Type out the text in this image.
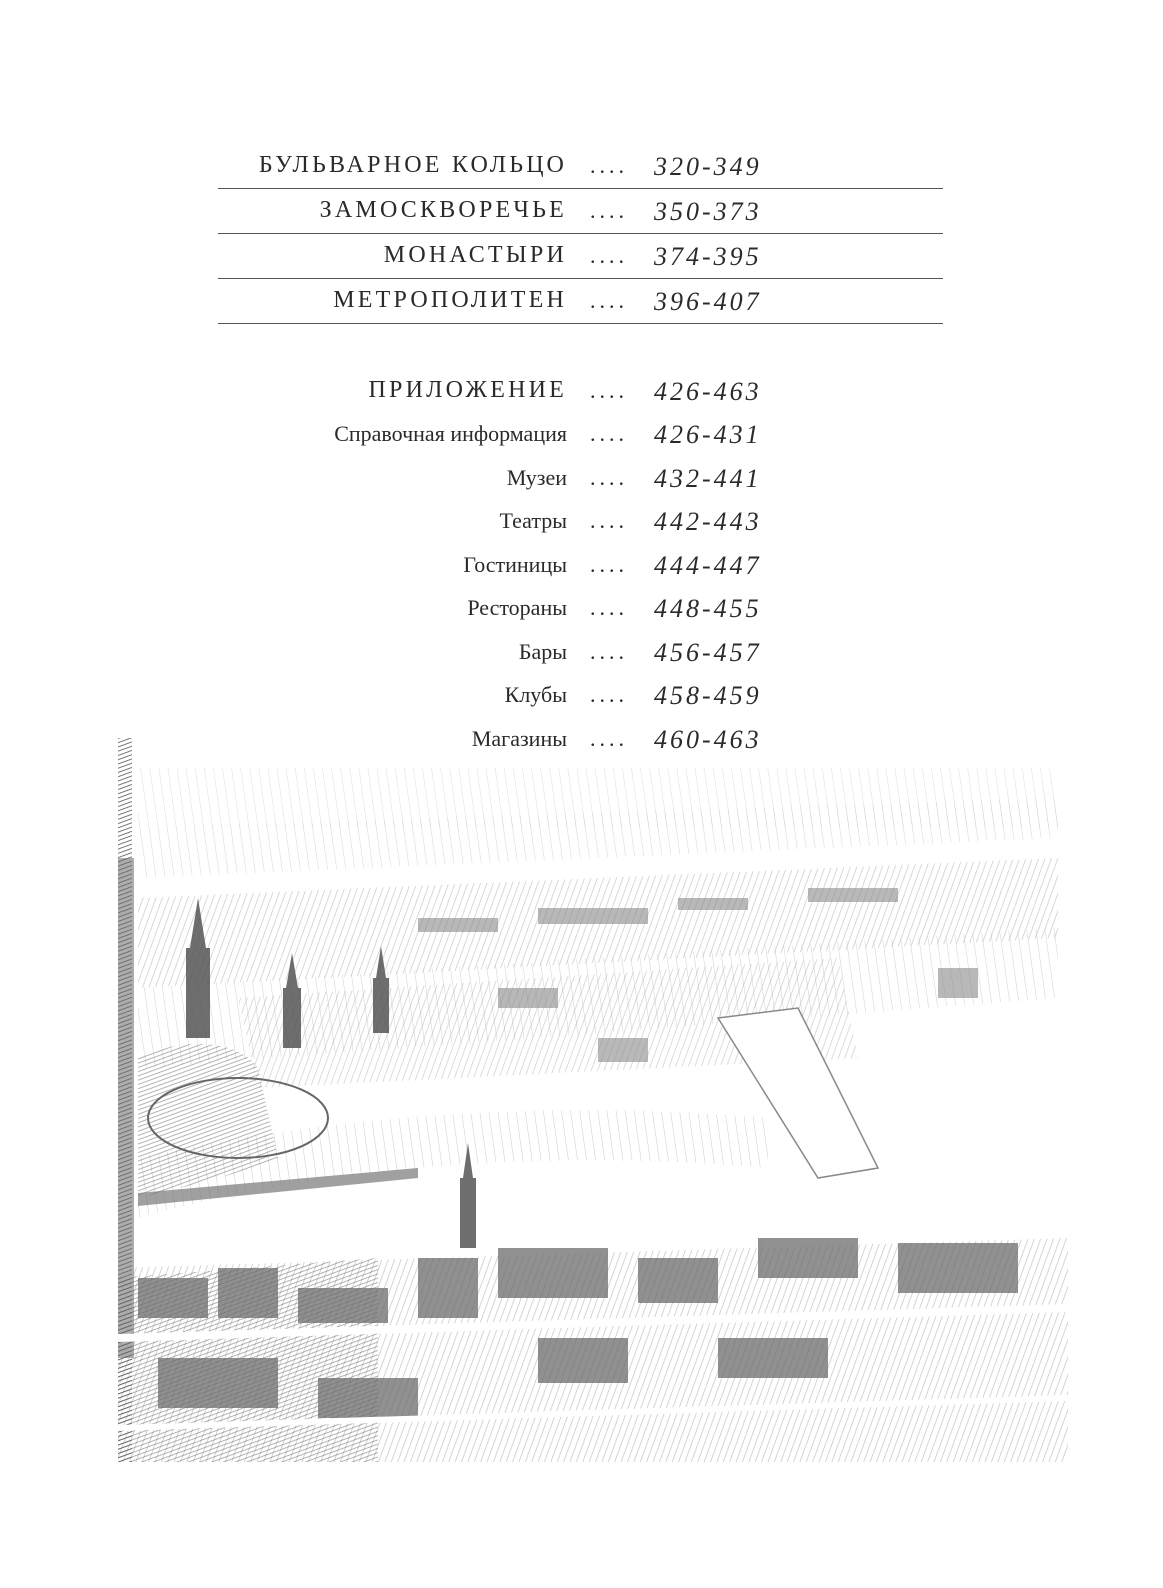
БУЛЬВАРНОЕ КОЛЬЦО ....	320-349
ЗАМОСКВОРЕЧЬЕ ....	350-373
МОНАСТЫРИ ....	374-395
МЕТРОПОЛИТЕН ....	396-407
ПРИЛОЖЕНИЕ ....	426-463
Справочная информация ....	426-431
Музеи ....	432-441
Театры ....	442-443
Гостиницы ....	444-447
Рестораны ....	448-455
Бары ....	456-457
Клубы ....	458-459
Магазины ....	460-463
